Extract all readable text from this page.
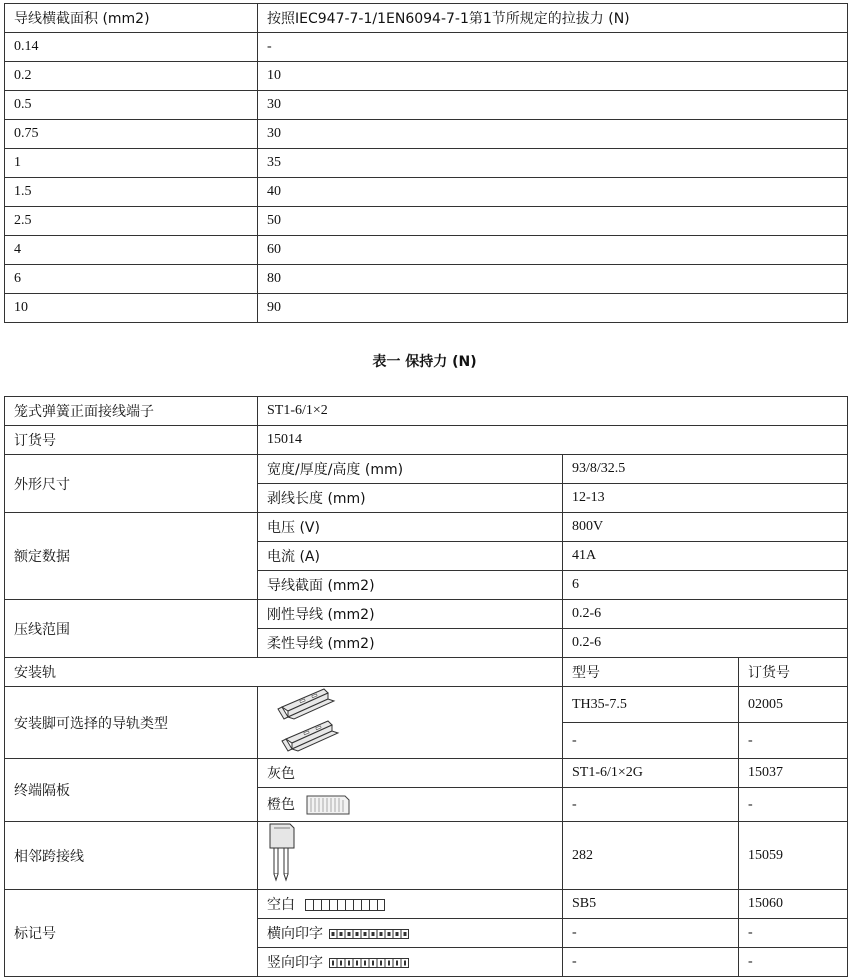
导线横截面积 (mm2)	按照IEC947-7-1/1EN6094-7-1第1节所规定的拉拔力 (N)
0.14	-
0.2	10
0.5	30
0.75	30
1	35
1.5	40
2.5	50
4	60
6	80
10	90
表一 保持力 (N)
笼式弹簧正面接线端子	ST1-6/1×2		
订货号	15014		
外形尺寸	宽度/厚度/高度 (mm)	93/8/32.5	
	剥线长度 (mm)	12-13	
额定数据	电压 (V)	800V	
	电流 (A)	41A	
	导线截面 (mm2)	6	
压线范围	刚性导线 (mm2)	0.2-6	
	柔性导线 (mm2)	0.2-6	
安装轨		型号	订货号
安装脚可选择的导轨类型		TH35-7.5	02005
		-	-
终端隔板	灰色	ST1-6/1×2G	15037
	橙色	-	-
相邻跨接线		282	15059
标记号	空白	SB5	15060
	横向印字	-	-
	竖向印字	-	-
